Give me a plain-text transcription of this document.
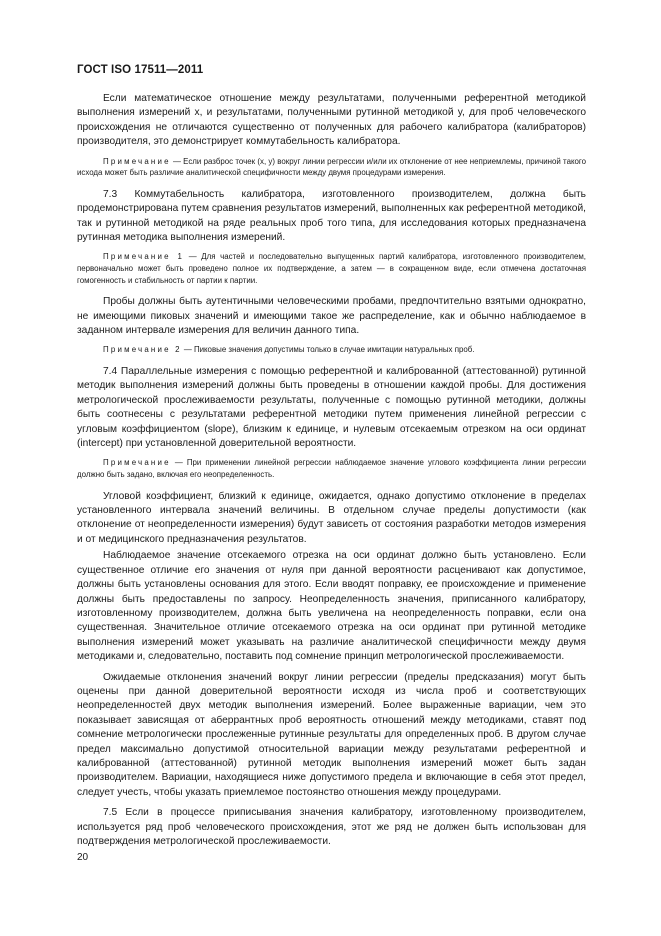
ГОСТ ISO 17511—2011

Если математическое отношение между результатами, полученными референтной методикой выполнения измерений x, и результатами, полученными рутинной методикой y, для проб человеческого происхождения не отличаются существенно от полученных для рабочего калибратора (калибраторов) производителя, это демонстрирует коммутабельность калибратора.

Примечание — Если разброс точек (x, y) вокруг линии регрессии и/или их отклонение от нее неприемлемы, причиной такого исхода может быть различие аналитической специфичности между двумя процедурами измерения.

7.3 Коммутабельность калибратора, изготовленного производителем, должна быть продемонстрирована путем сравнения результатов измерений, выполненных как референтной методикой, так и рутинной методикой на ряде реальных проб того типа, для исследования которых предназначена рутинная методика выполнения измерений.

Примечание 1 — Для частей и последовательно выпущенных партий калибратора, изготовленного производителем, первоначально может быть проведено полное их подтверждение, а затем — в сокращенном виде, если отмечена достаточная гомогенность и стабильность от партии к партии.

Пробы должны быть аутентичными человеческими пробами, предпочтительно взятыми однократно, не имеющими пиковых значений и имеющими такое же распределение, как и обычно наблюдаемое в заданном интервале измерения для величин данного типа.

Примечание 2 — Пиковые значения допустимы только в случае имитации натуральных проб.

7.4 Параллельные измерения с помощью референтной и калиброванной (аттестованной) рутинной методик выполнения измерений должны быть проведены в отношении каждой пробы. Для достижения метрологической прослеживаемости результаты, полученные с помощью рутинной методики, должны быть соотнесены с результатами референтной методики путем применения линейной регрессии с угловым коэффициентом (slope), близким к единице, и нулевым отсекаемым отрезком на оси ординат (intercept) при установленной доверительной вероятности.

Примечание — При применении линейной регрессии наблюдаемое значение углового коэффициента линии регрессии должно быть задано, включая его неопределенность.

Угловой коэффициент, близкий к единице, ожидается, однако допустимо отклонение в пределах установленного интервала значений величины. В отдельном случае пределы допустимости (как отклонение от неопределенности измерения) будут зависеть от состояния разработки методов измерения и от медицинского предназначения результатов.

Наблюдаемое значение отсекаемого отрезка на оси ординат должно быть установлено. Если существенное отличие его значения от нуля при данной вероятности расценивают как допустимое, должны быть установлены основания для этого. Если вводят поправку, ее происхождение и применение должны быть предоставлены по запросу. Неопределенность значения, приписанного калибратору, изготовленному производителем, должна быть увеличена на неопределенность поправки, если она существенная. Значительное отличие отсекаемого отрезка на оси ординат при рутинной методике выполнения измерений может указывать на различие аналитической специфичности между двумя методиками и, следовательно, поставить под сомнение принцип метрологической прослеживаемости.

Ожидаемые отклонения значений вокруг линии регрессии (пределы предсказания) могут быть оценены при данной доверительной вероятности исходя из числа проб и соответствующих неопределенностей двух методик выполнения измерений. Более выраженные вариации, чем это показывает зависящая от аберрантных проб вероятность отношений между методиками, ставят под сомнение метрологически прослеженные рутинные результаты для определенных проб. В другом случае предел максимально допустимой относительной вариации между результатами референтной и калиброванной (аттестованной) рутинной методик выполнения измерений может быть задан производителем. Вариации, находящиеся ниже допустимого предела и включающие в себя этот предел, следует учесть, чтобы указать приемлемое постоянство отношения между процедурами.

7.5 Если в процессе приписывания значения калибратору, изготовленному производителем, используется ряд проб человеческого происхождения, этот же ряд не должен быть использован для подтверждения метрологической прослеживаемости.

20
